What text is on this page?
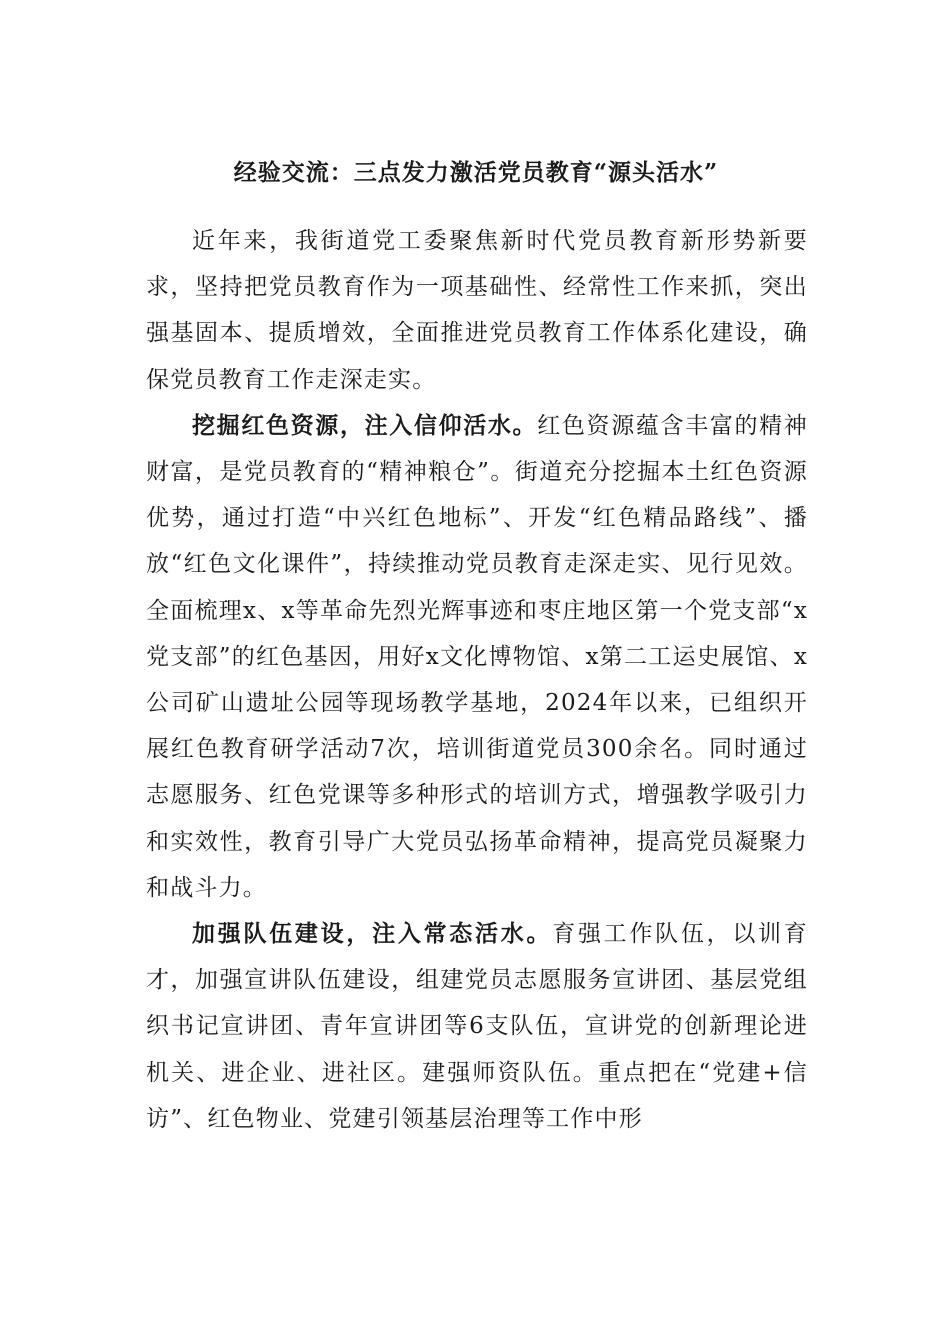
经验交流：三点发力激活党员教育“源头活水”

近年来，我街道党工委聚焦新时代党员教育新形势新要求，坚持把党员教育作为一项基础性、经常性工作来抓，突出强基固本、提质增效，全面推进党员教育工作体系化建设，确保党员教育工作走深走实。

挖掘红色资源，注入信仰活水。红色资源蕴含丰富的精神财富，是党员教育的“精神粮仓”。街道充分挖掘本土红色资源优势，通过打造“中兴红色地标”、开发“红色精品路线”、播放“红色文化课件”，持续推动党员教育走深走实、见行见效。全面梳理x、x等革命先烈光辉事迹和枣庄地区第一个党支部“x党支部”的红色基因，用好x文化博物馆、x第二工运史展馆、x公司矿山遗址公园等现场教学基地，2024年以来，已组织开展红色教育研学活动7次，培训街道党员300余名。同时通过志愿服务、红色党课等多种形式的培训方式，增强教学吸引力和实效性，教育引导广大党员弘扬革命精神，提高党员凝聚力和战斗力。

加强队伍建设，注入常态活水。育强工作队伍，以训育才，加强宣讲队伍建设，组建党员志愿服务宣讲团、基层党组织书记宣讲团、青年宣讲团等6支队伍，宣讲党的创新理论进机关、进企业、进社区。建强师资队伍。重点把在“党建+信访”、红色物业、党建引领基层治理等工作中形
